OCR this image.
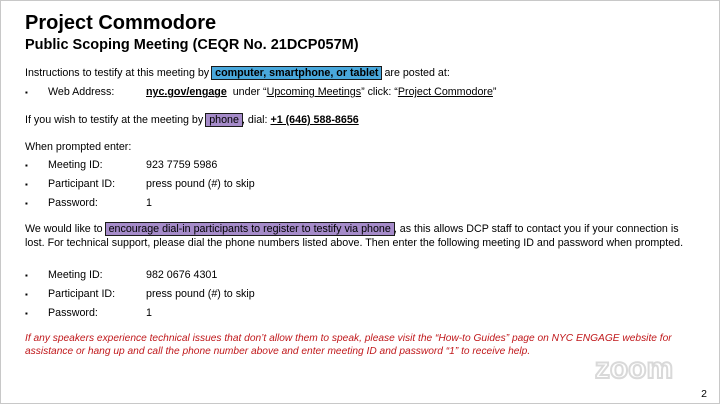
Project Commodore
Public Scoping Meeting (CEQR No. 21DCP057M)
Instructions to testify at this meeting by computer, smartphone, or tablet are posted at:
▪ Web Address:	nyc.gov/engage under “Upcoming Meetings” click: “Project Commodore”
If you wish to testify at the meeting by phone , dial: +1 (646) 588-8656
When prompted enter:
▪ Meeting ID:	923 7759 5986
▪ Participant ID:	press pound (#) to skip
▪ Password:	1
We would like to encourage dial-in participants to register to testify via phone , as this allows DCP staff to contact you if your connection is lost. For technical support, please dial the phone numbers listed above. Then enter the following meeting ID and password when prompted.
▪ Meeting ID:	982 0676 4301
▪ Participant ID:	press pound (#) to skip
▪ Password:	1
If any speakers experience technical issues that don’t allow them to speak, please visit the “How-to Guides” page on NYC ENGAGE website for assistance or hang up and call the phone number above and enter meeting ID and password “1” to receive help.
zoom
2
